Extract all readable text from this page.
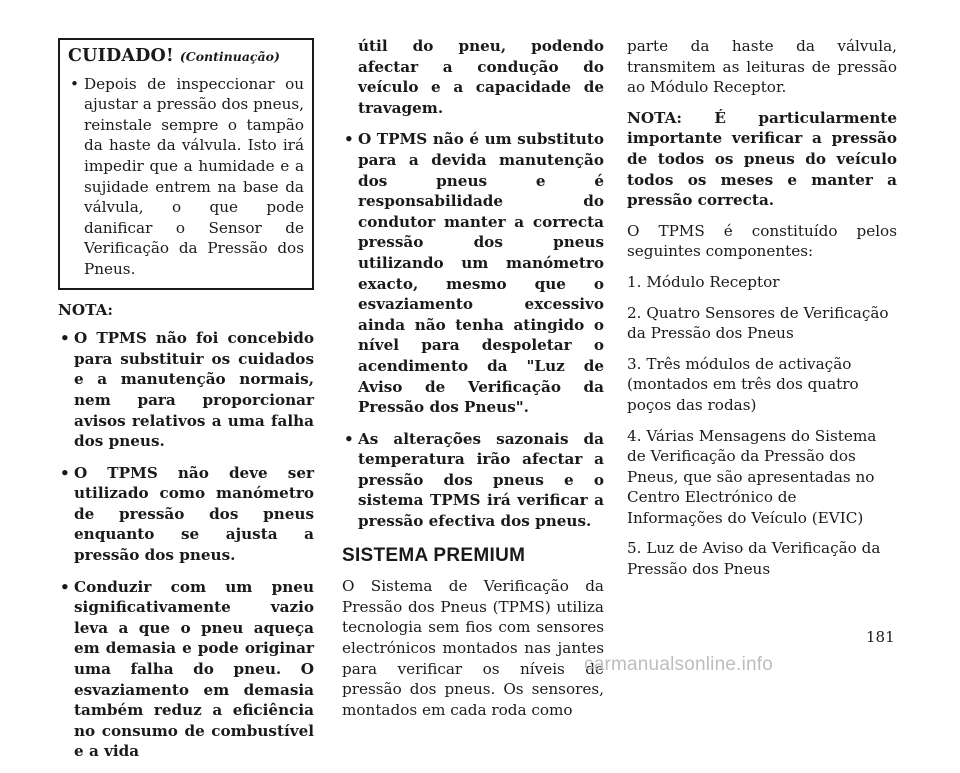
CUIDADO! (Continuação)
• Depois de inspeccionar ou ajustar a pressão dos pneus, reinstale sempre o tampão da haste da válvula. Isto irá impedir que a humidade e a sujidade entrem na base da válvula, o que pode danificar o Sensor de Verificação da Pressão dos Pneus.
NOTA:
• O TPMS não foi concebido para substituir os cuidados e a manutenção normais, nem para proporcionar avisos relativos a uma falha dos pneus.
• O TPMS não deve ser utilizado como manómetro de pressão dos pneus enquanto se ajusta a pressão dos pneus.
• Conduzir com um pneu significativamente vazio leva a que o pneu aqueça em demasia e pode originar uma falha do pneu. O esvaziamento em demasia também reduz a eficiência no consumo de combustível e a vida
útil do pneu, podendo afectar a condução do veículo e a capacidade de travagem.
• O TPMS não é um substituto para a devida manutenção dos pneus e é responsabilidade do condutor manter a correcta pressão dos pneus utilizando um manómetro exacto, mesmo que o esvaziamento excessivo ainda não tenha atingido o nível para despoletar o acendimento da "Luz de Aviso de Verificação da Pressão dos Pneus".
• As alterações sazonais da temperatura irão afectar a pressão dos pneus e o sistema TPMS irá verificar a pressão efectiva dos pneus.
SISTEMA PREMIUM

O Sistema de Verificação da Pressão dos Pneus (TPMS) utiliza tecnologia sem fios com sensores electrónicos montados nas jantes para verificar os níveis de pressão dos pneus. Os sensores, montados em cada roda como

parte da haste da válvula, transmitem as leituras de pressão ao Módulo Receptor.

NOTA: É particularmente importante verificar a pressão de todos os pneus do veículo todos os meses e manter a pressão correcta.

O TPMS é constituído pelos seguintes componentes:

1. Módulo Receptor

2. Quatro Sensores de Verificação da Pressão dos Pneus

3. Três módulos de activação (montados em três dos quatro poços das rodas)

4. Várias Mensagens do Sistema de Verificação da Pressão dos Pneus, que são apresentadas no Centro Electrónico de Informações do Veículo (EVIC)

5. Luz de Aviso da Verificação da Pressão dos Pneus

181
carmanualsonline.info
